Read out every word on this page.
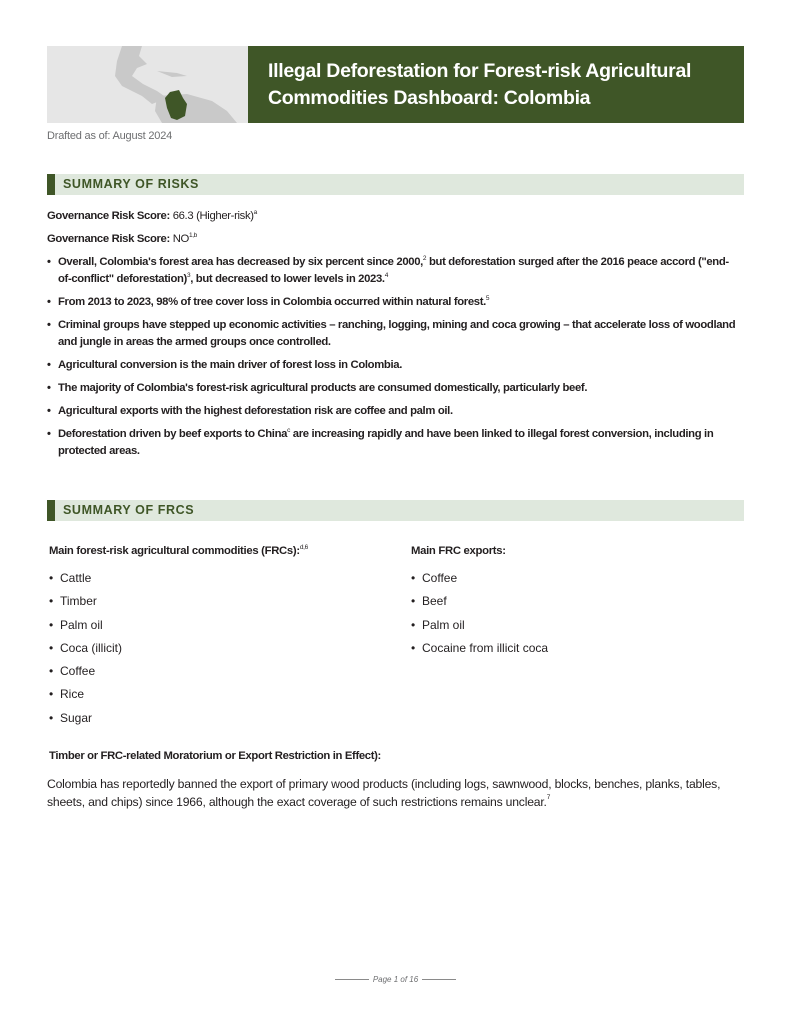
Illegal Deforestation for Forest-risk Agricultural
Commodities Dashboard: Colombia
Drafted as of: August 2024
SUMMARY OF RISKS
Governance Risk Score: 66.3 (Higher-risk)$^a$
Governance Risk Score: NO$^{1,b}$
• Overall, Colombia's forest area has decreased by six percent since 2000,$^2$ but deforestation surged after the 2016 peace accord ("end-of-conflict" deforestation)$^3$, but decreased to lower levels in 2023.$^4$
• From 2013 to 2023, 98% of tree cover loss in Colombia occurred within natural forest.$^5$
• Criminal groups have stepped up economic activities – ranching, logging, mining and coca growing – that accelerate loss of woodland and jungle in areas the armed groups once controlled.
• Agricultural conversion is the main driver of forest loss in Colombia.
• The majority of Colombia's forest-risk agricultural products are consumed domestically, particularly beef.
• Agricultural exports with the highest deforestation risk are coffee and palm oil.
• Deforestation driven by beef exports to China$^c$ are increasing rapidly and have been linked to illegal forest conversion, including in protected areas.
SUMMARY OF FRCS
Main forest-risk agricultural commodities (FRCs):$^{d,6}$
• Cattle
• Timber
• Palm oil
• Coca (illicit)
• Coffee
• Rice
• Sugar
Main FRC exports:
• Coffee
• Beef
• Palm oil
• Cocaine from illicit coca
Timber or FRC-related Moratorium or Export Restriction in Effect):
Colombia has reportedly banned the export of primary wood products (including logs, sawnwood, blocks, benches, planks, tables, sheets, and chips) since 1966, although the exact coverage of such restrictions remains unclear.$^7$
Page 1 of 16
